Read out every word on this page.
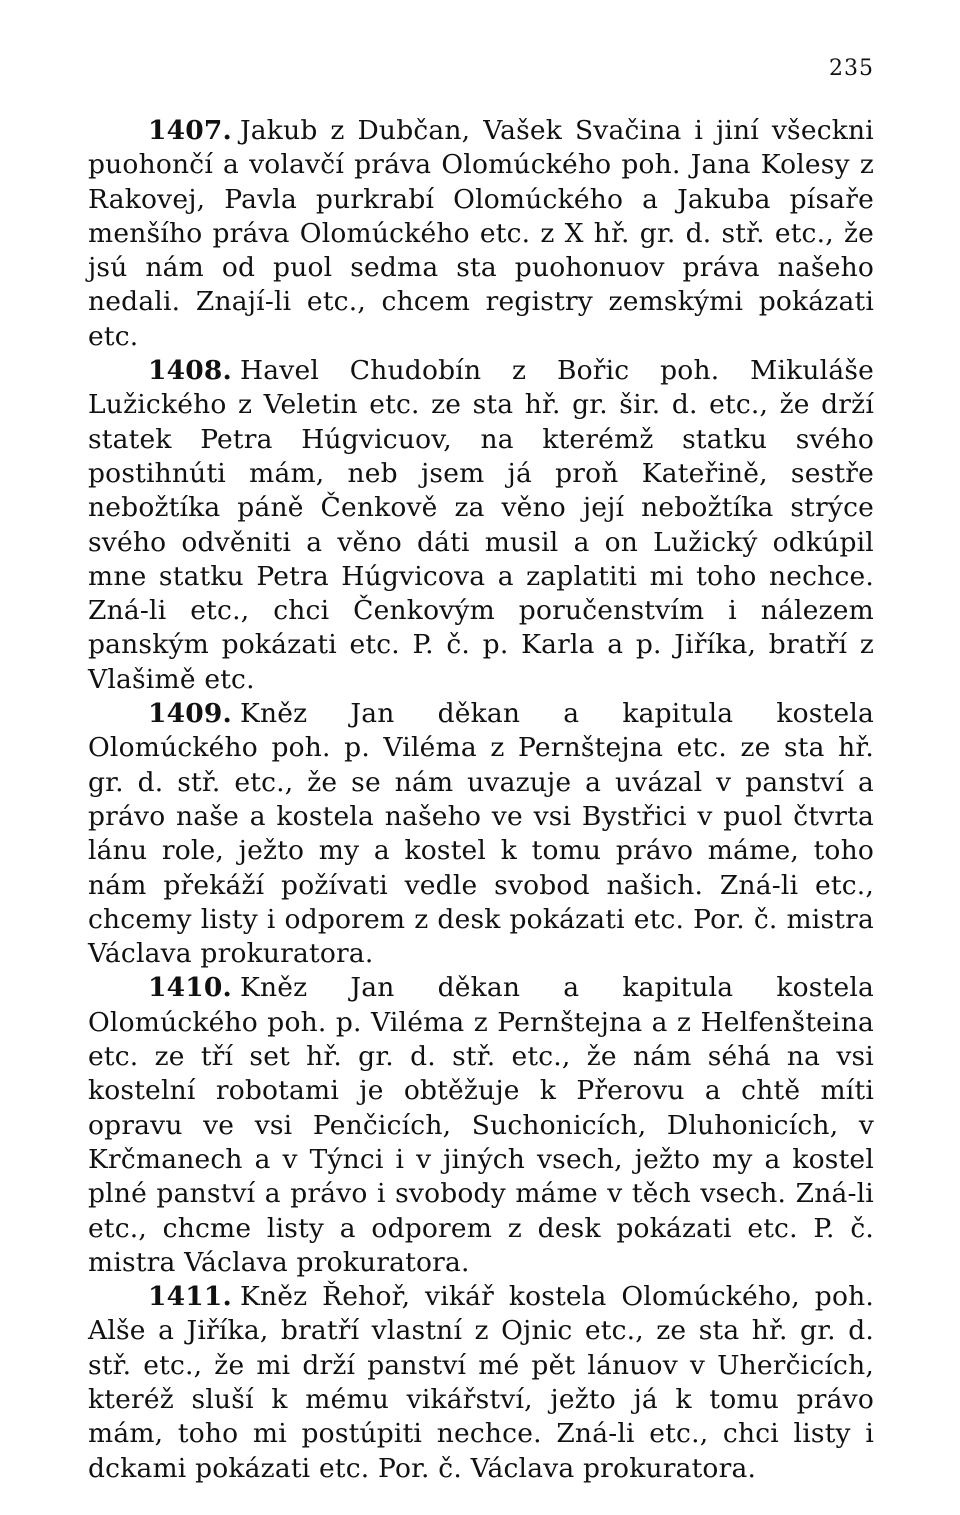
235

1407. Jakub z Dubčan, Vašek Svačina i jiní všeckni puohončí a volavčí práva Olomúckého poh. Jana Kolesy z Rakovej, Pavla purkrabí Olomúckého a Jakuba písaře menšího práva Olomúckého etc. z X hř. gr. d. stř. etc., že jsú nám od puol sedma sta puohonuov práva našeho nedali. Znají-li etc., chcem registry zemskými pokázati etc.

1408. Havel Chudobín z Bořic poh. Mikuláše Lužického z Veletin etc. ze sta hř. gr. šir. d. etc., že drží statek Petra Húgvicuov, na kterémž statku svého postihnúti mám, neb jsem já proň Kateřině, sestře nebožtíka páně Čenkově za věno její nebožtíka strýce svého odvěniti a věno dáti musil a on Lužický odkúpil mne statku Petra Húgvicova a zaplatiti mi toho nechce. Zná-li etc., chci Čenkovým poručenstvím i nálezem panským pokázati etc. P. č. p. Karla a p. Jiříka, bratří z Vlašimě etc.

1409. Kněz Jan děkan a kapitula kostela Olomúckého poh. p. Viléma z Pernštejna etc. ze sta hř. gr. d. stř. etc., že se nám uvazuje a uvázal v panství a právo naše a kostela našeho ve vsi Bystřici v puol čtvrta lánu role, ježto my a kostel k tomu právo máme, toho nám překáží požívati vedle svobod našich. Zná-li etc., chcemy listy i odporem z desk pokázati etc. Por. č. mistra Václava prokuratora.

1410. Kněz Jan děkan a kapitula kostela Olomúckého poh. p. Viléma z Pernštejna a z Helfenšteina etc. ze tří set hř. gr. d. stř. etc., že nám séhá na vsi kostelní robotami je obtěžuje k Přerovu a chtě míti opravu ve vsi Penčicích, Suchonicích, Dluhonicích, v Krčmanech a v Týnci i v jiných vsech, ježto my a kostel plné panství a právo i svobody máme v těch vsech. Zná-li etc., chcme listy a odporem z desk pokázati etc. P. č. mistra Václava prokuratora.

1411. Kněz Řehoř, vikář kostela Olomúckého, poh. Alše a Jiříka, bratří vlastní z Ojnic etc., ze sta hř. gr. d. stř. etc., že mi drží panství mé pět lánuov v Uherčicích, kteréž sluší k mému vikářství, ježto já k tomu právo mám, toho mi postúpiti nechce. Zná-li etc., chci listy i dckami pokázati etc. Por. č. Václava prokuratora.
